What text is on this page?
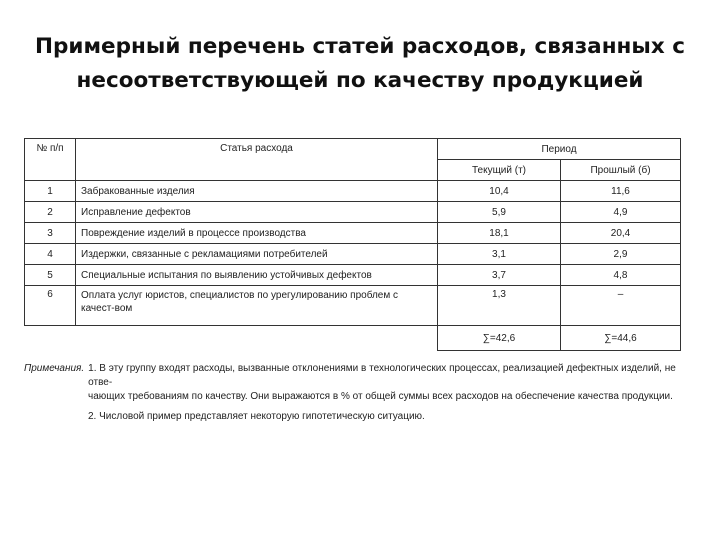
Примерный перечень статей расходов, связанных с
несоответствующей по качеству продукцией
№ п/п	Статья расхода	Период	
		Текущий (т)	Прошлый (б)
1	Забракованные изделия	10,4	11,6
2	Исправление дефектов	5,9	4,9
3	Повреждение изделий в процессе производства	18,1	20,4
4	Издержки, связанные с рекламациями потребителей	3,1	2,9
5	Специальные испытания по выявлению устойчивых дефектов	3,7	4,8
6	Оплата услуг юристов, специалистов по урегулированию проблем с качест-вом	1,3	–
		∑=42,6	∑=44,6
Примечания. 1. В эту группу входят расходы, вызванные отклонениями в технологических процессах, реализацией дефектных изделий, не отве-
чающих требованиям по качеству. Они выражаются в % от общей суммы всех расходов на обеспечение качества продукции.
2. Числовой пример представляет некоторую гипотетическую ситуацию.
